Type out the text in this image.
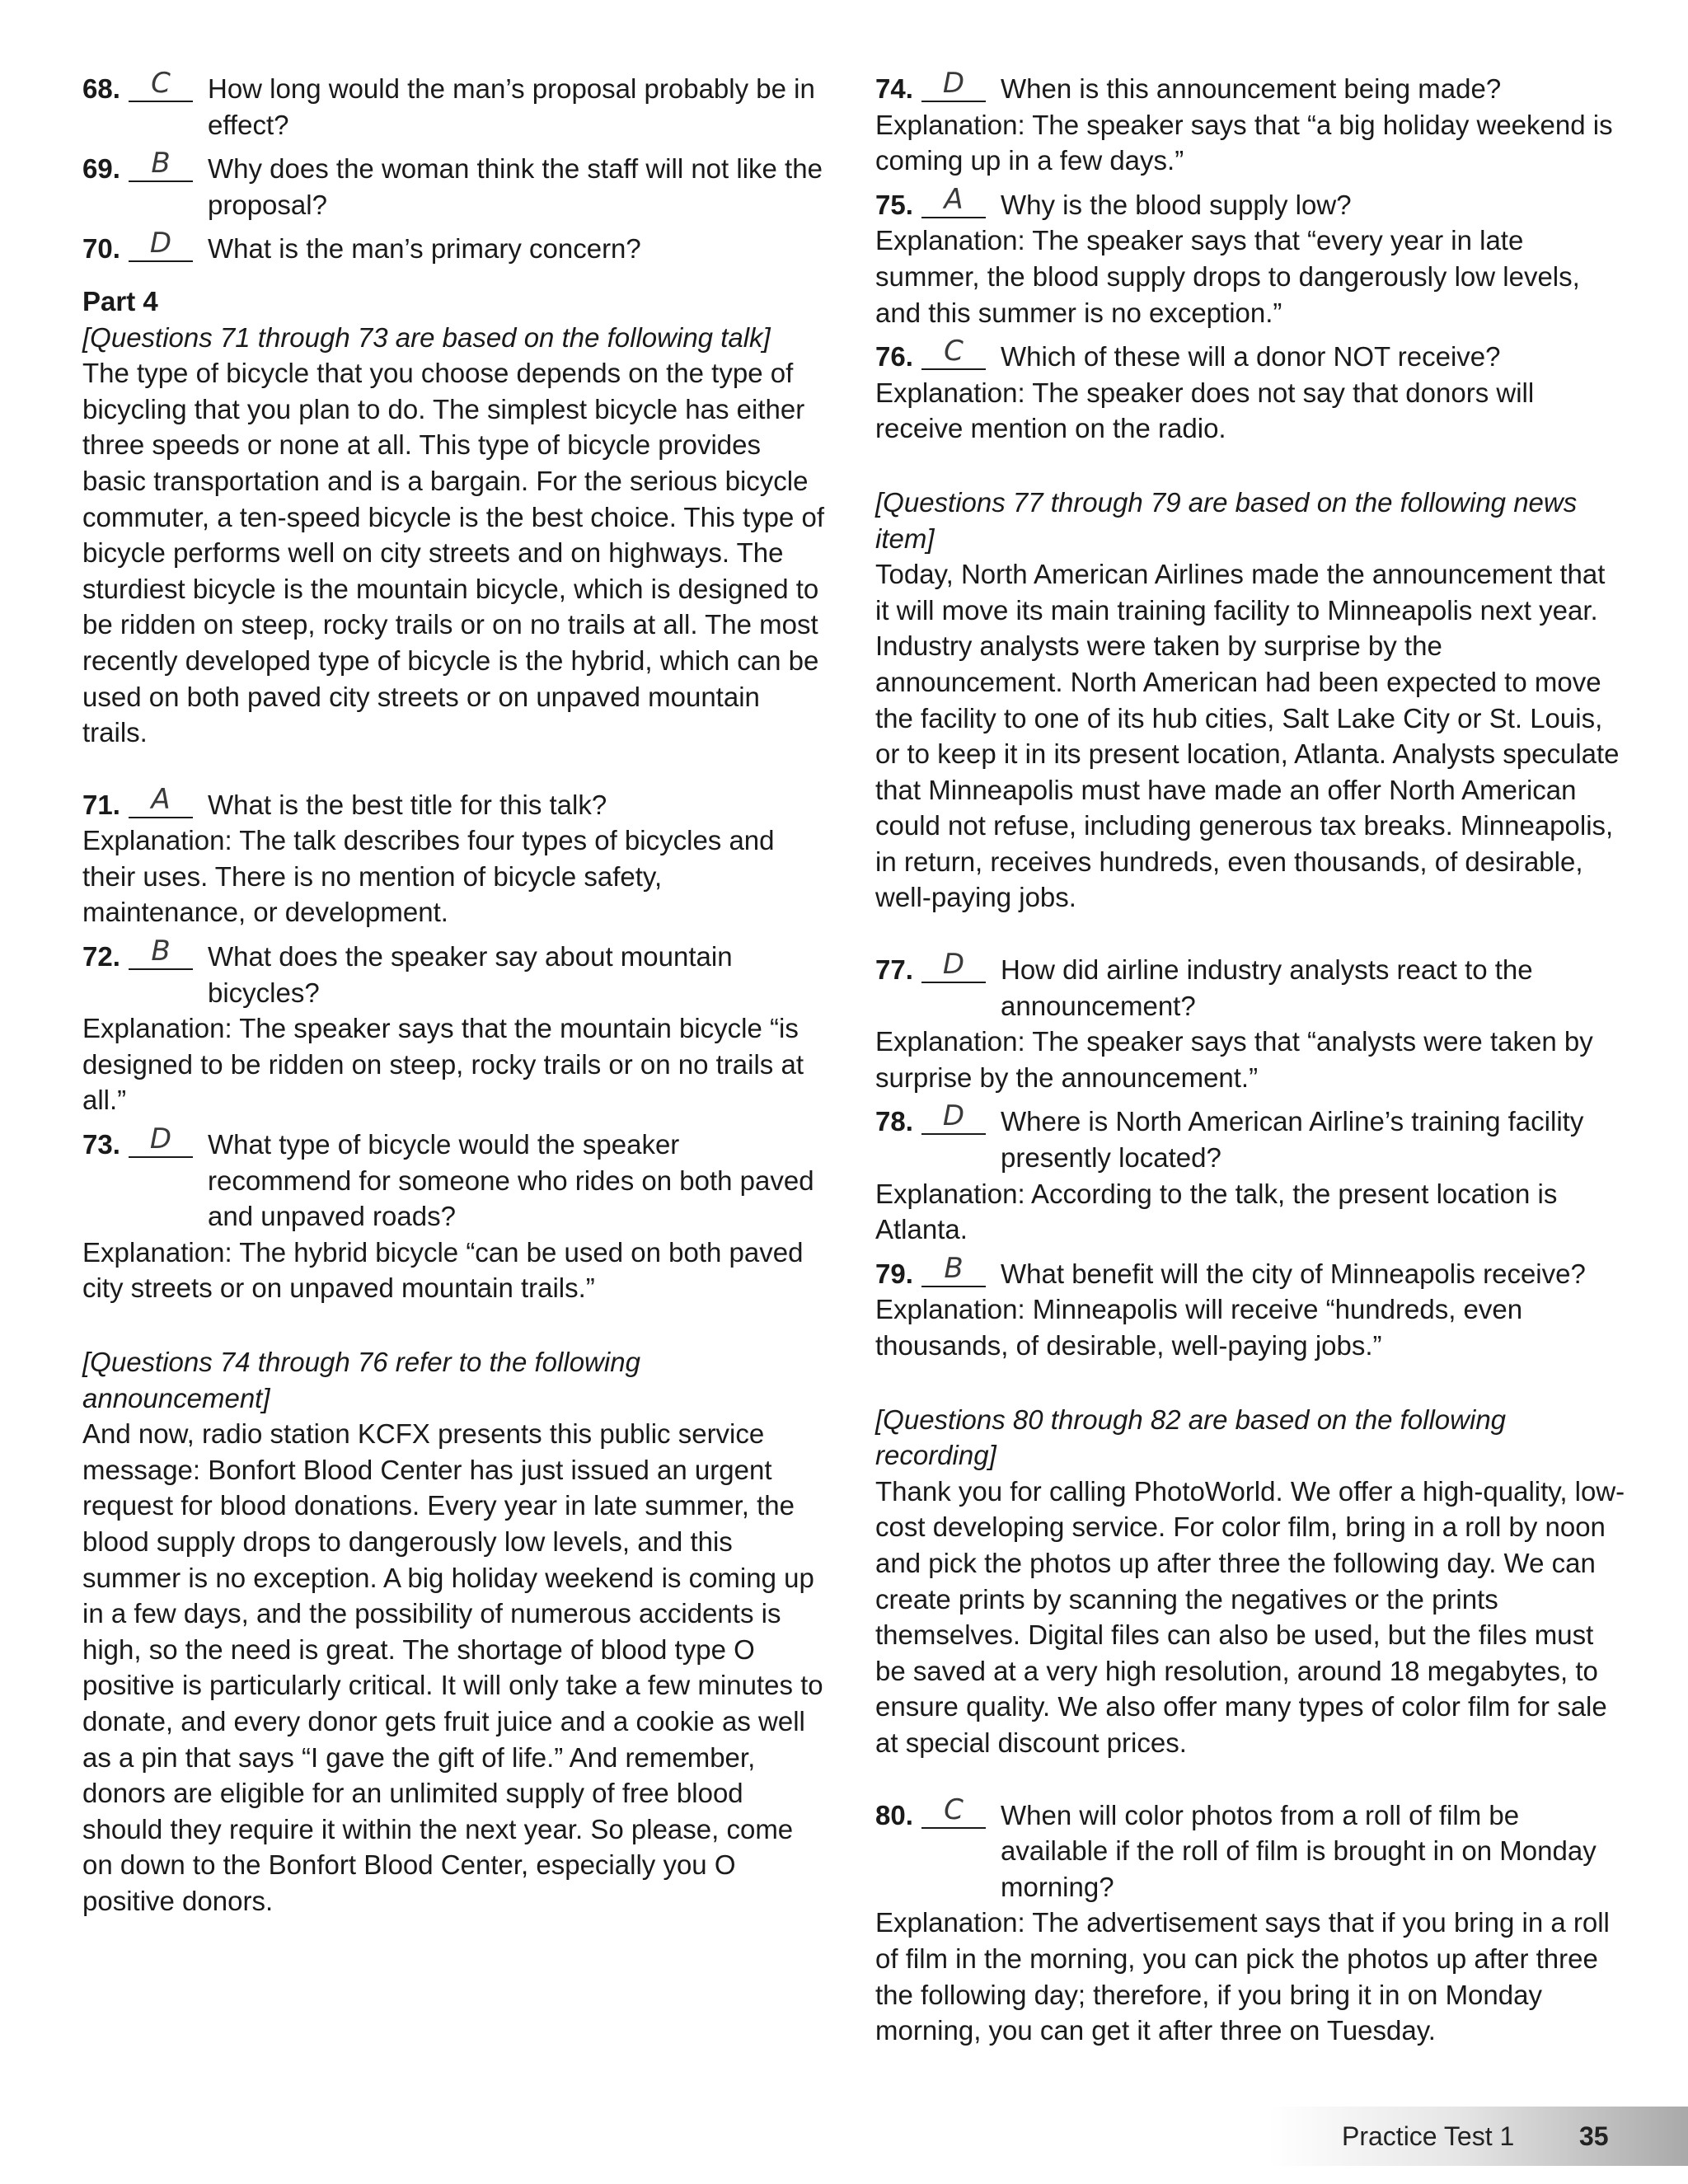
68.	C	How long would the man’s proposal probably be in effect?
69.	B	Why does the woman think the staff will not like the proposal?
70.	D	What is the man’s primary concern?

Part 4

[Questions 71 through 73 are based on the following talk]

The type of bicycle that you choose depends on the type of bicycling that you plan to do. The simplest bicycle has either three speeds or none at all. This type of bicycle provides basic transportation and is a bargain. For the serious bicycle commuter, a ten-speed bicycle is the best choice. This type of bicycle performs well on city streets and on highways. The sturdiest bicycle is the mountain bicycle, which is designed to be ridden on steep, rocky trails or on no trails at all. The most recently developed type of bicycle is the hybrid, which can be used on both paved city streets or on unpaved mountain trails.

71.	A	What is the best title for this talk?

Explanation: The talk describes four types of bicycles and their uses. There is no mention of bicycle safety, maintenance, or development.

72.	B	What does the speaker say about mountain bicycles?

Explanation: The speaker says that the mountain bicycle “is designed to be ridden on steep, rocky trails or on no trails at all.”

73.	D	What type of bicycle would the speaker recommend for someone who rides on both paved and unpaved roads?

Explanation: The hybrid bicycle “can be used on both paved city streets or on unpaved mountain trails.”

[Questions 74 through 76 refer to the following announcement]

And now, radio station KCFX presents this public service message: Bonfort Blood Center has just issued an urgent request for blood donations. Every year in late summer, the blood supply drops to dangerously low levels, and this summer is no exception. A big holiday weekend is coming up in a few days, and the possibility of numerous accidents is high, so the need is great. The shortage of blood type O positive is particularly critical. It will only take a few minutes to donate, and every donor gets fruit juice and a cookie as well as a pin that says “I gave the gift of life.” And remember, donors are eligible for an unlimited supply of free blood should they require it within the next year. So please, come on down to the Bonfort Blood Center, especially you O positive donors.

74.	D	When is this announcement being made?

Explanation: The speaker says that “a big holiday weekend is coming up in a few days.”

75.	A	Why is the blood supply low?

Explanation: The speaker says that “every year in late summer, the blood supply drops to dangerously low levels, and this summer is no exception.”

76.	C	Which of these will a donor NOT receive?

Explanation: The speaker does not say that donors will receive mention on the radio.

[Questions 77 through 79 are based on the following news item]

Today, North American Airlines made the announcement that it will move its main training facility to Minneapolis next year. Industry analysts were taken by surprise by the announcement. North American had been expected to move the facility to one of its hub cities, Salt Lake City or St. Louis, or to keep it in its present location, Atlanta. Analysts speculate that Minneapolis must have made an offer North American could not refuse, including generous tax breaks. Minneapolis, in return, receives hundreds, even thousands, of desirable, well-paying jobs.

77.	D	How did airline industry analysts react to the announcement?

Explanation: The speaker says that “analysts were taken by surprise by the announcement.”

78.	D	Where is North American Airline’s training facility presently located?

Explanation: According to the talk, the present location is Atlanta.

79.	B	What benefit will the city of Minneapolis receive?

Explanation: Minneapolis will receive “hundreds, even thousands, of desirable, well-paying jobs.”

[Questions 80 through 82 are based on the following recording]

Thank you for calling PhotoWorld. We offer a high-quality, low-cost developing service. For color film, bring in a roll by noon and pick the photos up after three the following day. We can create prints by scanning the negatives or the prints themselves. Digital files can also be used, but the files must be saved at a very high resolution, around 18 megabytes, to ensure quality. We also offer many types of color film for sale at special discount prices.

80.	C	When will color photos from a roll of film be available if the roll of film is brought in on Monday morning?

Explanation: The advertisement says that if you bring in a roll of film in the morning, you can pick the photos up after three the following day; therefore, if you bring it in on Monday morning, you can get it after three on Tuesday.

Practice Test 1 35
